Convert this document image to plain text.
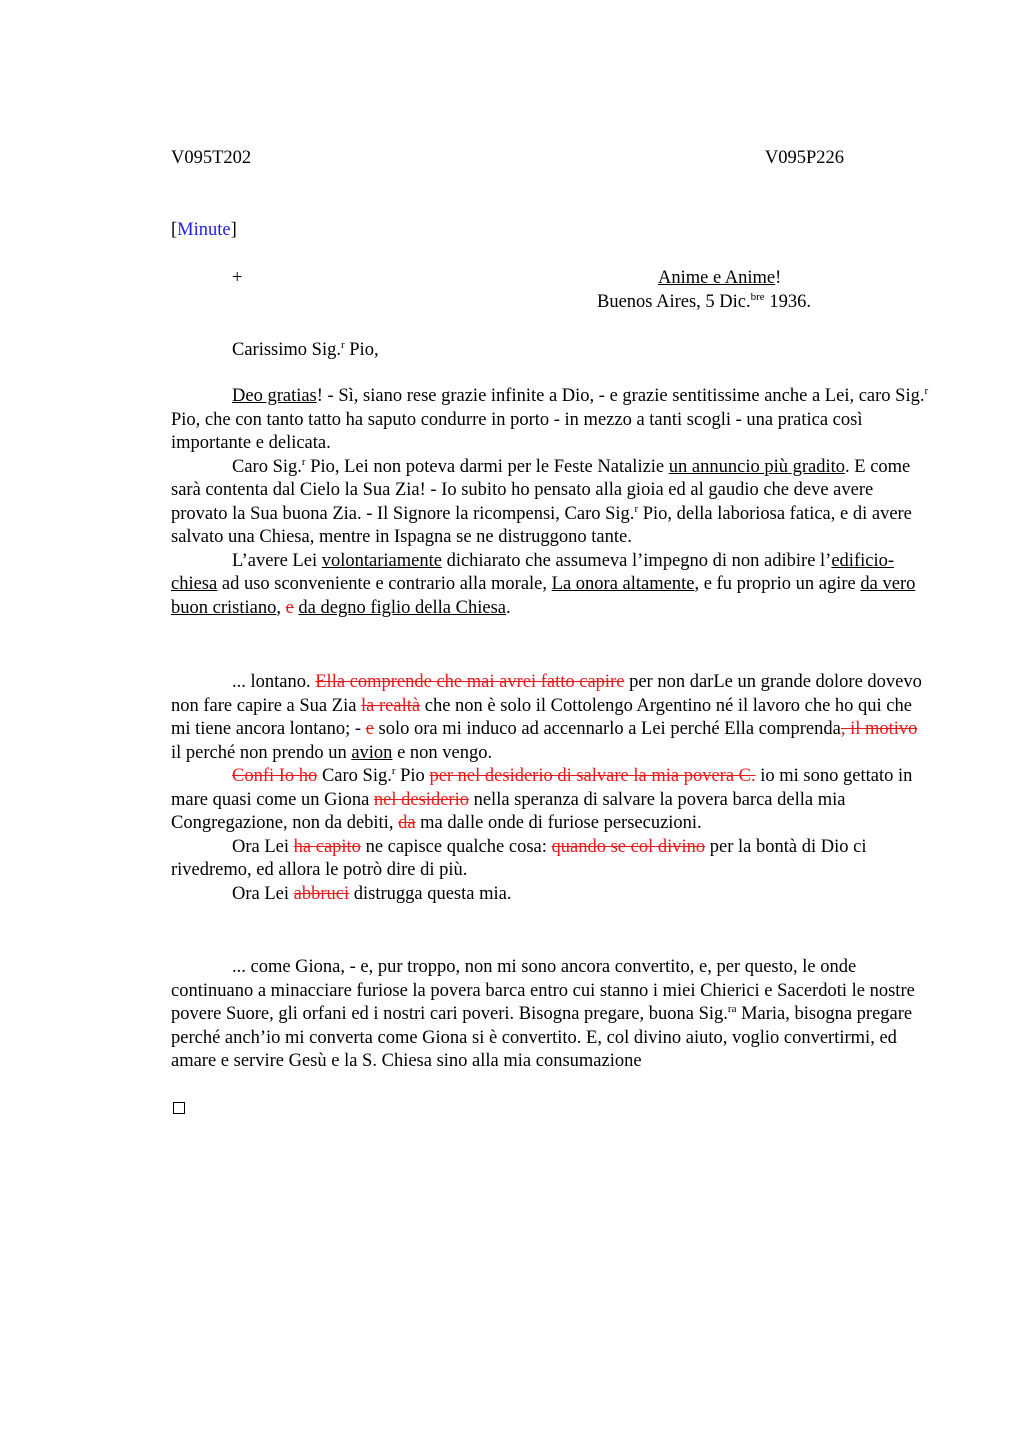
V095T202	V095P226
[Minute]
+	Anime e Anime!
Buenos Aires, 5 Dic.$^{bre}$ 1936.
Carissimo Sig.$^r$ Pio,

Deo gratias! - Sì, siano rese grazie infinite a Dio, - e grazie sentitissime anche a Lei, caro Sig.$^r$ Pio, che con tanto tatto ha saputo condurre in porto - in mezzo a tanti scogli - una pratica così importante e delicata.

Caro Sig.$^r$ Pio, Lei non poteva darmi per le Feste Natalizie un annuncio più gradito. E come sarà contenta dal Cielo la Sua Zia! - Io subito ho pensato alla gioia ed al gaudio che deve avere provato la Sua buona Zia. - Il Signore la ricompensi, Caro Sig.$^r$ Pio, della laboriosa fatica, e di avere salvato una Chiesa, mentre in Ispagna se ne distruggono tante.

L’avere Lei volontariamente dichiarato che assumeva l’impegno di non adibire l’edificio-chiesa ad uso sconveniente e contrario alla morale, La onora altamente, e fu proprio un agire da vero buon cristiano, e da degno figlio della Chiesa.

... lontano. Ella comprende che mai avrei fatto capire per non darLe un grande dolore dovevo non fare capire a Sua Zia la realtà che non è solo il Cottolengo Argentino né il lavoro che ho qui che mi tiene ancora lontano; - e solo ora mi induco ad accennarlo a Lei perché Ella comprenda, il motivo il perché non prendo un avion e non vengo.

Confi Io ho Caro Sig.$^r$ Pio per nel desiderio di salvare la mia povera C. io mi sono gettato in mare quasi come un Giona nel desiderio nella speranza di salvare la povera barca della mia Congregazione, non da debiti, da ma dalle onde di furiose persecuzioni.

Ora Lei ha capito ne capisce qualche cosa: quando se col divino per la bontà di Dio ci rivedremo, ed allora le potrò dire di più.

Ora Lei abbruci distrugga questa mia.

... come Giona, - e, pur troppo, non mi sono ancora convertito, e, per questo, le onde continuano a minacciare furiose la povera barca entro cui stanno i miei Chierici e Sacerdoti le nostre povere Suore, gli orfani ed i nostri cari poveri. Bisogna pregare, buona Sig.$^{ra}$ Maria, bisogna pregare perché anch’io mi converta come Giona si è convertito. E, col divino aiuto, voglio convertirmi, ed amare e servire Gesù e la S. Chiesa sino alla mia consumazione
